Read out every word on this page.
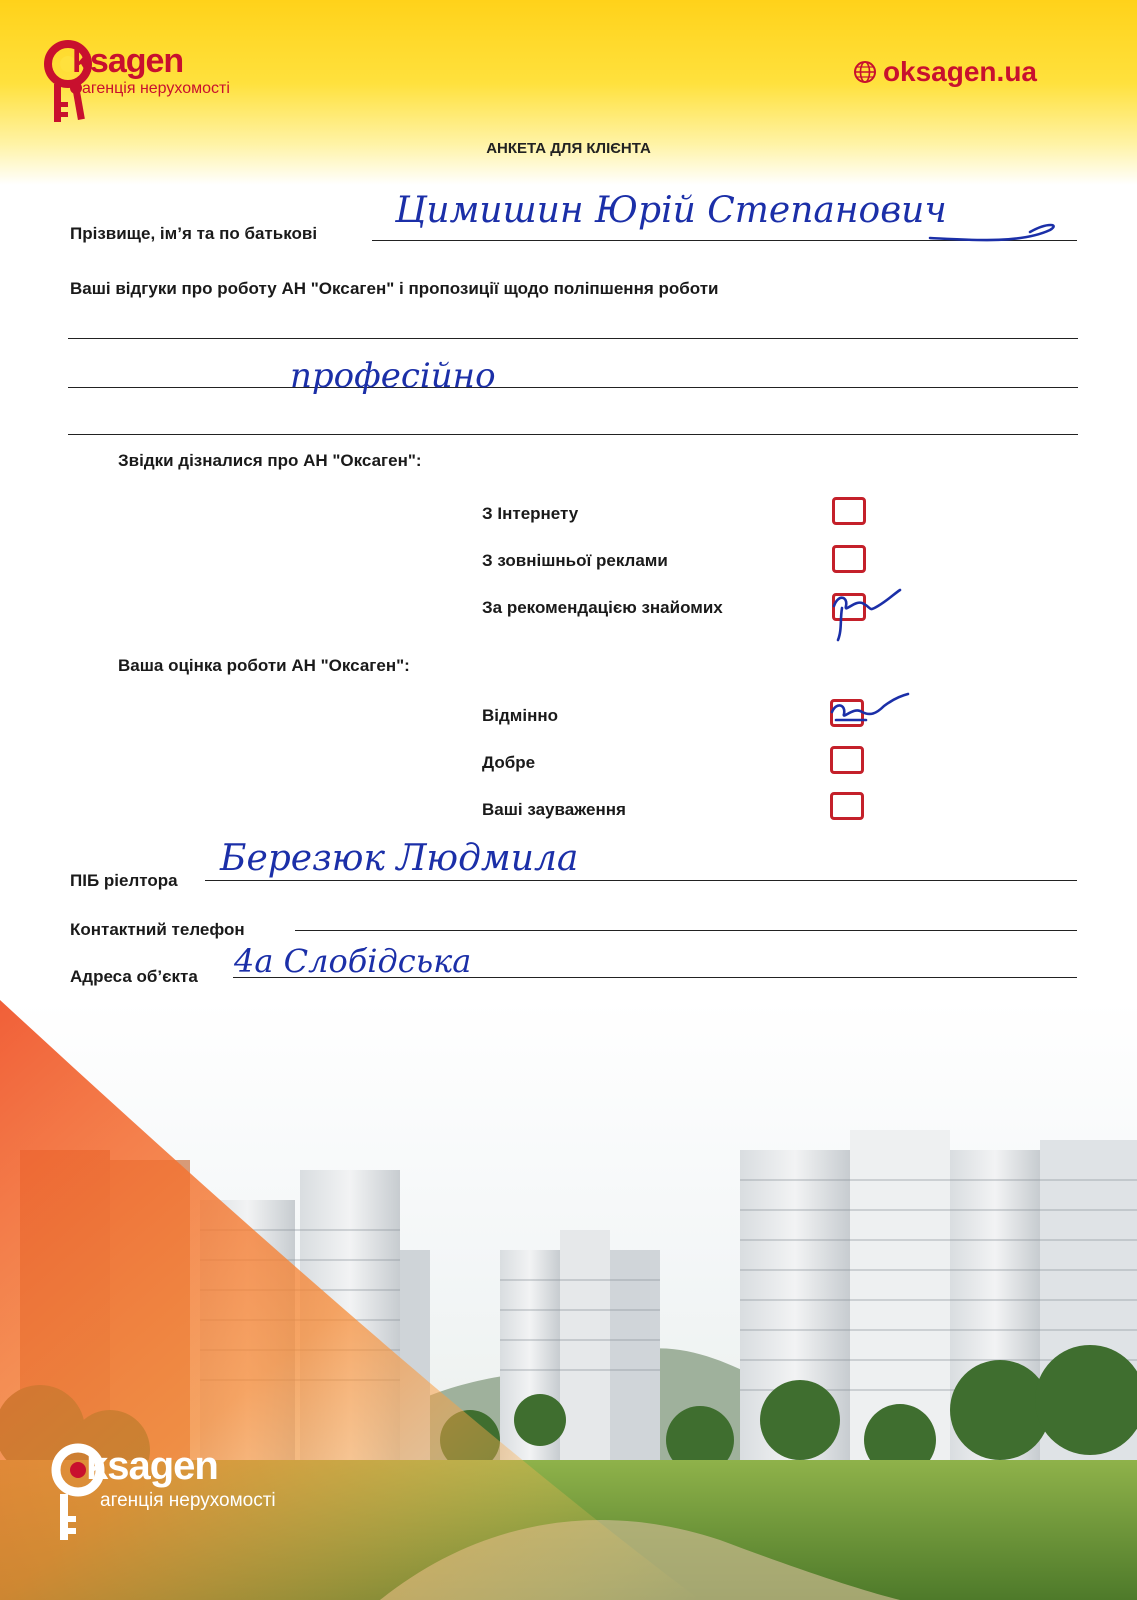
ksagen
агенція нерухомості
oksagen.ua
АНКЕТА ДЛЯ КЛІЄНТА
Прізвище, ім’я та по батькові
Цимишин Юрій Степанович
Ваші відгуки про роботу АН "Оксаген" і пропозиції щодо поліпшення роботи
професійно
Звідки дізналися про АН "Оксаген":
З Інтернету
З зовнішньої реклами
За рекомендацією знайомих
Ваша оцінка роботи АН "Оксаген":
Відмінно
Добре
Ваші зауваження
ПІБ ріелтора
Березюк Людмила
Контактний телефон
Адреса об’єкта 4а Слобідська
ksagen
агенція нерухомості
